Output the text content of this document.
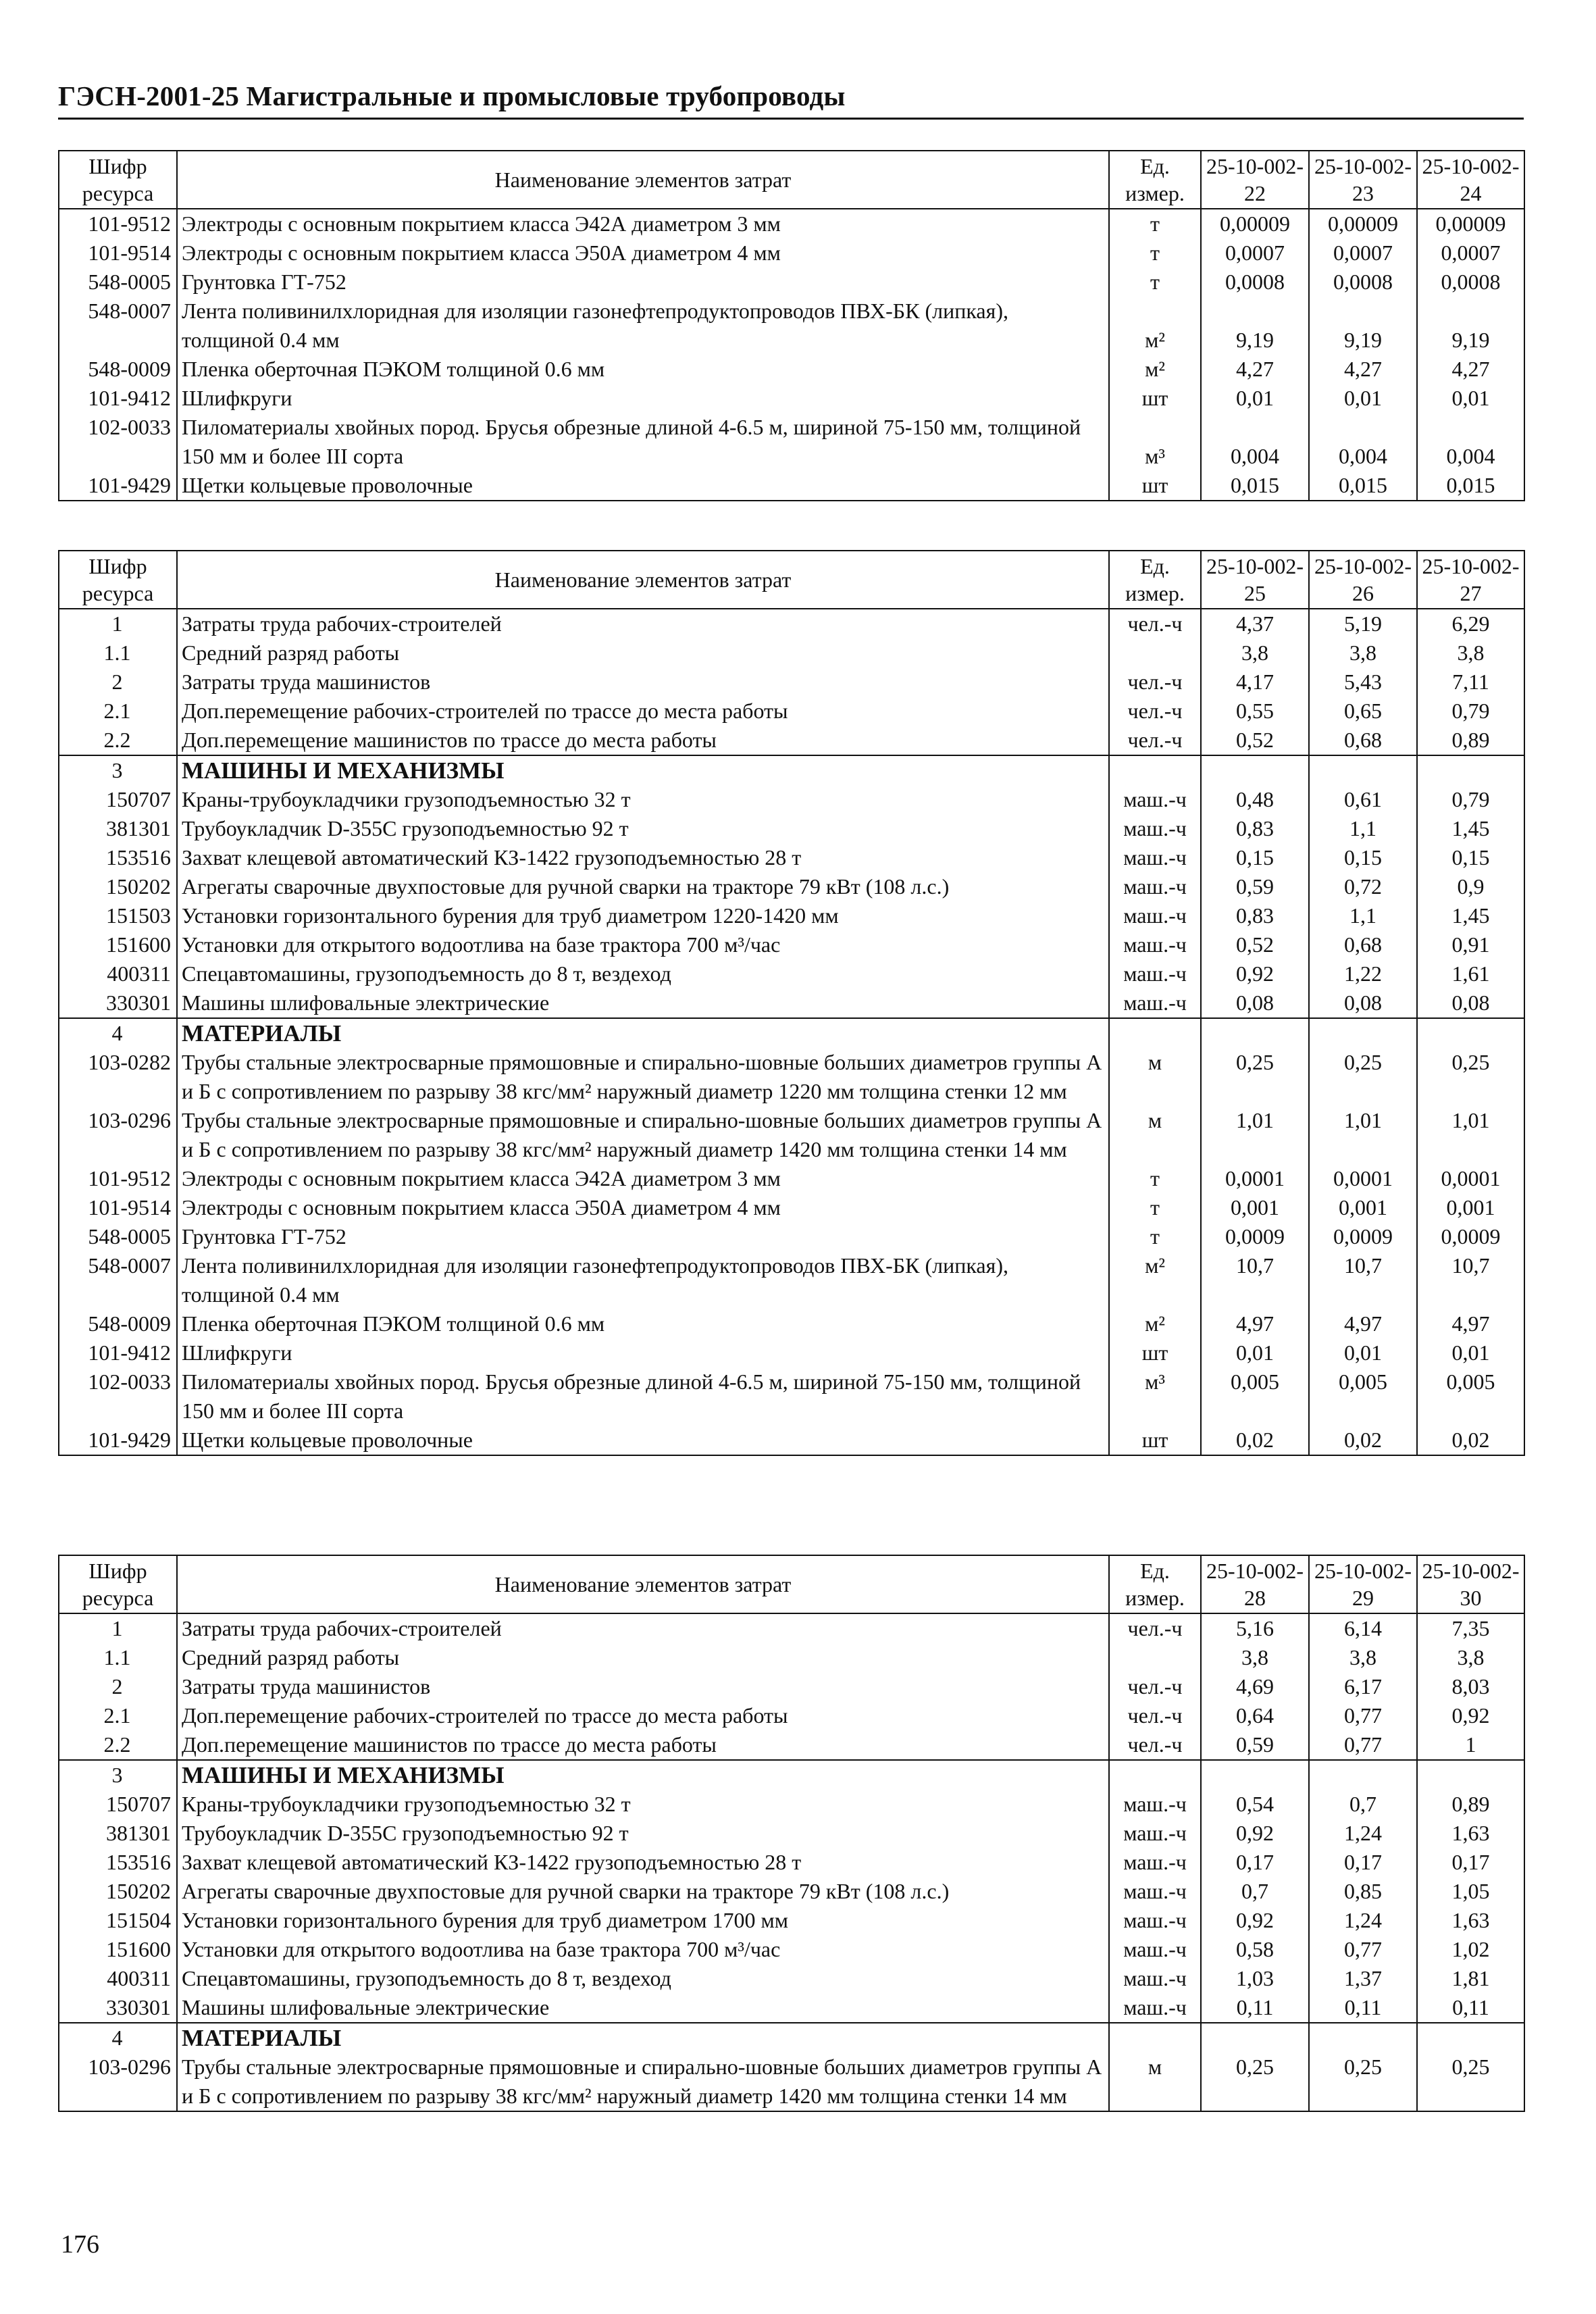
ГЭСН-2001-25 Магистральные и промысловые трубопроводы
Шифр ресурса	Наименование элементов затрат	Ед. измер.	25-10-002-22	25-10-002-23	25-10-002-24
101-9512	Электроды с основным покрытием класса Э42А диаметром 3 мм	т	0,00009	0,00009	0,00009
101-9514	Электроды с основным покрытием класса Э50А диаметром 4 мм	т	0,0007	0,0007	0,0007
548-0005	Грунтовка ГТ-752	т	0,0008	0,0008	0,0008
548-0007	Лента поливинилхлоридная для изоляции газонефтепродуктопроводов ПВХ-БК (липкая), толщиной 0.4 мм	м²	9,19	9,19	9,19
548-0009	Пленка оберточная ПЭКОМ толщиной 0.6 мм	м²	4,27	4,27	4,27
101-9412	Шлифкруги	шт	0,01	0,01	0,01
102-0033	Пиломатериалы хвойных пород. Брусья обрезные длиной 4-6.5 м, шириной 75-150 мм, толщиной 150 мм и более III сорта	м³	0,004	0,004	0,004
101-9429	Щетки кольцевые проволочные	шт	0,015	0,015	0,015
Шифр ресурса	Наименование элементов затрат	Ед. измер.	25-10-002-25	25-10-002-26	25-10-002-27
1	Затраты труда рабочих-строителей	чел.-ч	4,37	5,19	6,29
1.1	Средний разряд работы		3,8	3,8	3,8
2	Затраты труда машинистов	чел.-ч	4,17	5,43	7,11
2.1	Доп.перемещение рабочих-строителей по трассе до места работы	чел.-ч	0,55	0,65	0,79
2.2	Доп.перемещение машинистов по трассе до места работы	чел.-ч	0,52	0,68	0,89
3	МАШИНЫ И МЕХАНИЗМЫ				
150707	Краны-трубоукладчики грузоподъемностью 32 т	маш.-ч	0,48	0,61	0,79
381301	Трубоукладчик D-355С грузоподъемностью 92 т	маш.-ч	0,83	1,1	1,45
153516	Захват клещевой автоматический КЗ-1422 грузоподъемностью 28 т	маш.-ч	0,15	0,15	0,15
150202	Агрегаты сварочные двухпостовые для ручной сварки на тракторе 79 кВт (108 л.с.)	маш.-ч	0,59	0,72	0,9
151503	Установки горизонтального бурения для труб диаметром 1220-1420 мм	маш.-ч	0,83	1,1	1,45
151600	Установки для открытого водоотлива на базе трактора 700 м³/час	маш.-ч	0,52	0,68	0,91
400311	Спецавтомашины, грузоподъемность до 8 т, вездеход	маш.-ч	0,92	1,22	1,61
330301	Машины шлифовальные электрические	маш.-ч	0,08	0,08	0,08
4	МАТЕРИАЛЫ				
103-0282	Трубы стальные электросварные прямошовные и спирально-шовные больших диаметров группы А и Б с сопротивлением по разрыву 38 кгс/мм² наружный диаметр 1220 мм толщина стенки 12 мм	м	0,25	0,25	0,25
103-0296	Трубы стальные электросварные прямошовные и спирально-шовные больших диаметров группы А и Б с сопротивлением по разрыву 38 кгс/мм² наружный диаметр 1420 мм толщина стенки 14 мм	м	1,01	1,01	1,01
101-9512	Электроды с основным покрытием класса Э42А диаметром 3 мм	т	0,0001	0,0001	0,0001
101-9514	Электроды с основным покрытием класса Э50А диаметром 4 мм	т	0,001	0,001	0,001
548-0005	Грунтовка ГТ-752	т	0,0009	0,0009	0,0009
548-0007	Лента поливинилхлоридная для изоляции газонефтепродуктопроводов ПВХ-БК (липкая), толщиной 0.4 мм	м²	10,7	10,7	10,7
548-0009	Пленка оберточная ПЭКОМ толщиной 0.6 мм	м²	4,97	4,97	4,97
101-9412	Шлифкруги	шт	0,01	0,01	0,01
102-0033	Пиломатериалы хвойных пород. Брусья обрезные длиной 4-6.5 м, шириной 75-150 мм, толщиной 150 мм и более III сорта	м³	0,005	0,005	0,005
101-9429	Щетки кольцевые проволочные	шт	0,02	0,02	0,02
Шифр ресурса	Наименование элементов затрат	Ед. измер.	25-10-002-28	25-10-002-29	25-10-002-30
1	Затраты труда рабочих-строителей	чел.-ч	5,16	6,14	7,35
1.1	Средний разряд работы		3,8	3,8	3,8
2	Затраты труда машинистов	чел.-ч	4,69	6,17	8,03
2.1	Доп.перемещение рабочих-строителей по трассе до места работы	чел.-ч	0,64	0,77	0,92
2.2	Доп.перемещение машинистов по трассе до места работы	чел.-ч	0,59	0,77	1
3	МАШИНЫ И МЕХАНИЗМЫ				
150707	Краны-трубоукладчики грузоподъемностью 32 т	маш.-ч	0,54	0,7	0,89
381301	Трубоукладчик D-355С грузоподъемностью 92 т	маш.-ч	0,92	1,24	1,63
153516	Захват клещевой автоматический КЗ-1422 грузоподъемностью 28 т	маш.-ч	0,17	0,17	0,17
150202	Агрегаты сварочные двухпостовые для ручной сварки на тракторе 79 кВт (108 л.с.)	маш.-ч	0,7	0,85	1,05
151504	Установки горизонтального бурения для труб диаметром 1700 мм	маш.-ч	0,92	1,24	1,63
151600	Установки для открытого водоотлива на базе трактора 700 м³/час	маш.-ч	0,58	0,77	1,02
400311	Спецавтомашины, грузоподъемность до 8 т, вездеход	маш.-ч	1,03	1,37	1,81
330301	Машины шлифовальные электрические	маш.-ч	0,11	0,11	0,11
4	МАТЕРИАЛЫ				
103-0296	Трубы стальные электросварные прямошовные и спирально-шовные больших диаметров группы А и Б с сопротивлением по разрыву 38 кгс/мм² наружный диаметр 1420 мм толщина стенки 14 мм	м	0,25	0,25	0,25
176
